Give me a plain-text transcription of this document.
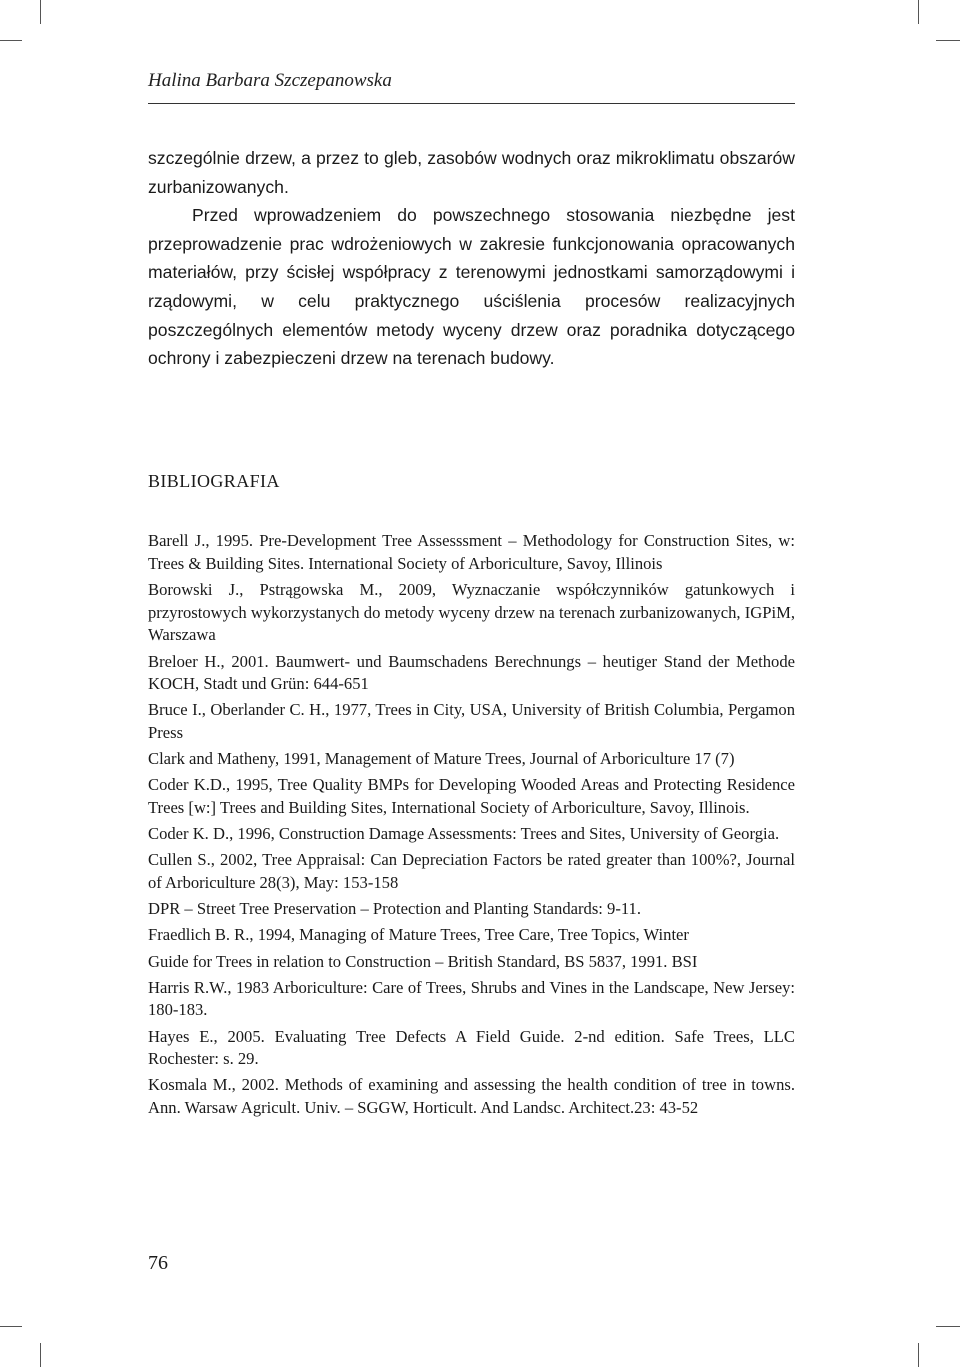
Halina Barbara Szczepanowska

szczególnie drzew, a przez to gleb, zasobów wodnych oraz mikroklimatu obszarów zurbanizowanych.

Przed wprowadzeniem do powszechnego stosowania niezbędne jest przeprowadzenie prac wdrożeniowych w zakresie funkcjonowania opracowanych materiałów, przy ścisłej współpracy z terenowymi jednostkami samorządowymi i rządowymi, w celu praktycznego uściślenia procesów realizacyjnych poszczególnych elementów metody wyceny drzew oraz poradnika dotyczącego ochrony i zabezpieczeni drzew na terenach budowy.

BIBLIOGRAFIA

Barell J., 1995. Pre-Development Tree Assesssment – Methodology for Construction Sites, w: Trees & Building Sites. International Society of Arboriculture, Savoy, Illinois

Borowski J., Pstrągowska M., 2009, Wyznaczanie współczynników gatunkowych i przyrostowych wykorzystanych do metody wyceny drzew na terenach zurbanizowanych, IGPiM, Warszawa

Breloer H., 2001. Baumwert- und Baumschadens Berechnungs – heutiger Stand der Methode KOCH, Stadt und Grün: 644-651

Bruce I., Oberlander C. H., 1977, Trees in City, USA, University of British Columbia, Pergamon Press

Clark and Matheny, 1991, Management of Mature Trees, Journal of Arboriculture 17 (7)

Coder K.D., 1995, Tree Quality BMPs for Developing Wooded Areas and Protecting Residence Trees [w:] Trees and Building Sites, International Society of Arboriculture, Savoy, Illinois.

Coder K. D., 1996, Construction Damage Assessments: Trees and Sites, University of Georgia.

Cullen S., 2002, Tree Appraisal: Can Depreciation Factors be rated greater than 100%?, Journal of Arboriculture 28(3), May: 153-158

DPR – Street Tree Preservation – Protection and Planting Standards: 9-11.

Fraedlich B. R., 1994, Managing of Mature Trees, Tree Care, Tree Topics, Winter

Guide for Trees in relation to Construction – British Standard, BS 5837, 1991. BSI

Harris R.W., 1983 Arboriculture: Care of Trees, Shrubs and Vines in the Landscape, New Jersey: 180-183.

Hayes E., 2005. Evaluating Tree Defects A Field Guide. 2-nd edition. Safe Trees, LLC Rochester: s. 29.

Kosmala M., 2002. Methods of examining and assessing the health condition of tree in towns. Ann. Warsaw Agricult. Univ. – SGGW, Horticult. And Landsc. Architect.23: 43-52

76
